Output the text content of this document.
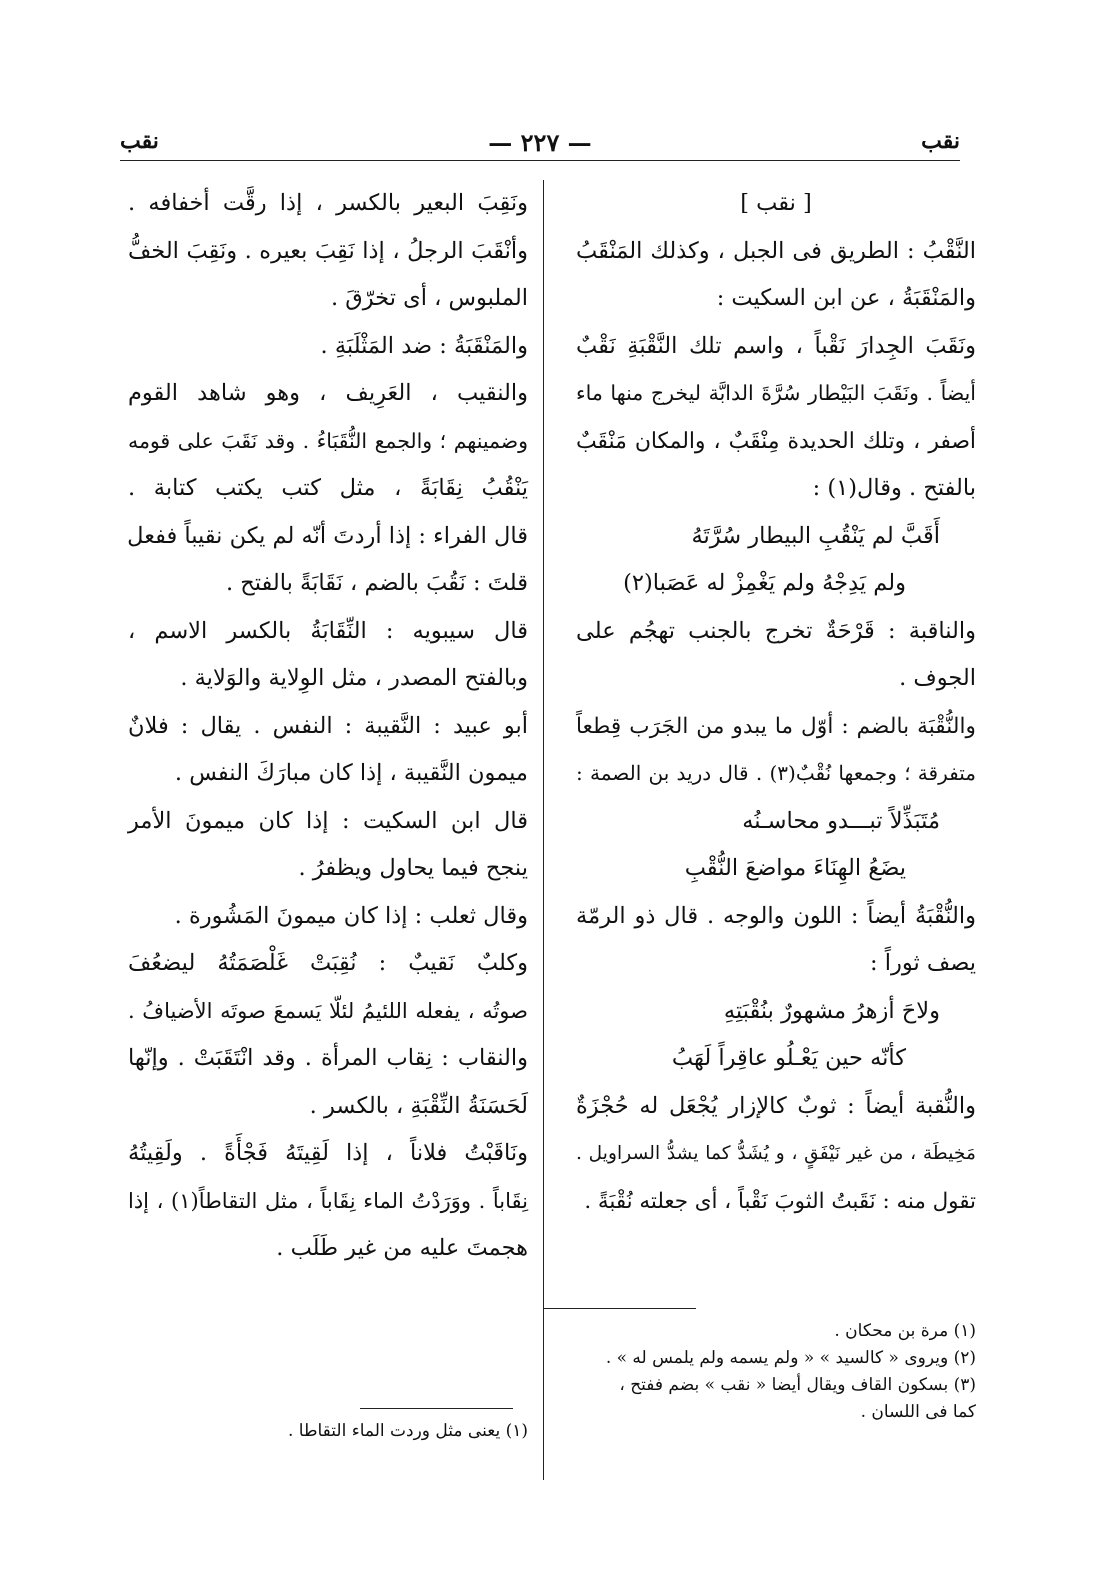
نقب
— ٢٢٧ —
نقب
[ نقب ]
النَّقْبُ : الطريق فى الجبل ، وكذلك المَنْقَبُ
والمَنْقَبَةُ ، عن ابن السكيت :
ونَقَبَ الجِدارَ نَقْباً ، واسم تلك النَّقْبَةِ نَقْبٌ
أيضاً . ونَقَبَ البَيْطار سُرَّةَ الدابَّة ليخرج منها ماء
أصفر ، وتلك الحديدة مِنْقَبٌ ، والمكان مَنْقَبٌ
بالفتح . وقال(١) :
أَقَبَّ لم يَنْقُبِ البيطار سُرَّتَهُ
ولم يَدِجْهُ ولم يَغْمِزْ له عَصَبا(٢)
والناقبة : قَرْحَةٌ تخرج بالجنب تهجُم على
الجوف .
والنُّقْبَة بالضم : أوّل ما يبدو من الجَرَب قِطعاً
متفرقة ؛ وجمعها نُقْبٌ(٣) . قال دريد بن الصمة :
مُتَبَذِّلاً تبـــدو محاسـنُه
يضَعُ الهِنَاءَ مواضعَ النُّقْبِ
والنُّقْبَةُ أيضاً : اللون والوجه . قال ذو الرمّة
يصف ثوراً :
ولاحَ أزهرُ مشهورٌ بنُقْبَتِهِ
كأنّه حين يَعْـلُو عاقِراً لَهَبُ
والنُّقبة أيضاً : ثوبٌ كالإزار يُجْعَل له حُجْزَةٌ
مَخِيطَة ، من غير نَيْفَقٍ ، و يُشَدُّ كما يشدُّ السراويل .
تقول منه : نَقَبتُ الثوبَ نَقْباً ، أى جعلته نُقْبَةً .
(١) مرة بن محكان .
(٢) ويروى « كالسيد » « ولم يسمه ولم يلمس له » .
(٣) بسكون القاف ويقال أيضا « نقب » بضم ففتح ،
كما فى اللسان .
ونَقِبَ البعير بالكسر ، إذا رقَّت أخفافه .
وأنْقَبَ الرجلُ ، إذا نَقِبَ بعيره . ونَقِبَ الخفُّ
الملبوس ، أى تخرّقَ .
والمَنْقَبَةُ : ضد المَثْلَبَةِ .
والنقيب ، العَرِيف ، وهو شاهد القوم
وضمينهم ؛ والجمع النُّقَبَاءُ . وقد نَقَبَ على قومه
يَنْقُبُ نِقَابَةً ، مثل كتب يكتب كتابة .
قال الفراء : إذا أردتَ أنّه لم يكن نقيباً ففعل
قلتَ : نَقُبَ بالضم ، نَقَابَةً بالفتح .
قال سيبويه : النِّقَابَةُ بالكسر الاسم ،
وبالفتح المصدر ، مثل الوِلاية والوَلاية .
أبو عبيد : النَّقيبة : النفس . يقال : فلانٌ
ميمون النَّقيبة ، إذا كان مبارَكَ النفس .
قال ابن السكيت : إذا كان ميمونَ الأمر
ينجح فيما يحاول ويظفرُ .
وقال ثعلب : إذا كان ميمونَ المَشُورة .
وكلبٌ نَقيبٌ : نُقِبَتْ غَلْصَمَتُهُ ليضعُفَ
صوتُه ، يفعله اللئيمُ لئلّا يَسمعَ صوتَه الأضيافُ .
والنقاب : نِقاب المرأة . وقد انْتَقَبَتْ . وإنّها
لَحَسَنَةُ النِّقْبَةِ ، بالكسر .
ونَاقَبْتُ فلاناً ، إذا لَقِيتَهُ فَجْأَةً . ولَقِيتُهُ
نِقَاباً . ووَرَدْتُ الماء نِقَاباً ، مثل التقاطاً(١) ، إذا
هجمتَ عليه من غير طَلَب .
(١) يعنى مثل وردت الماء التقاطا .
